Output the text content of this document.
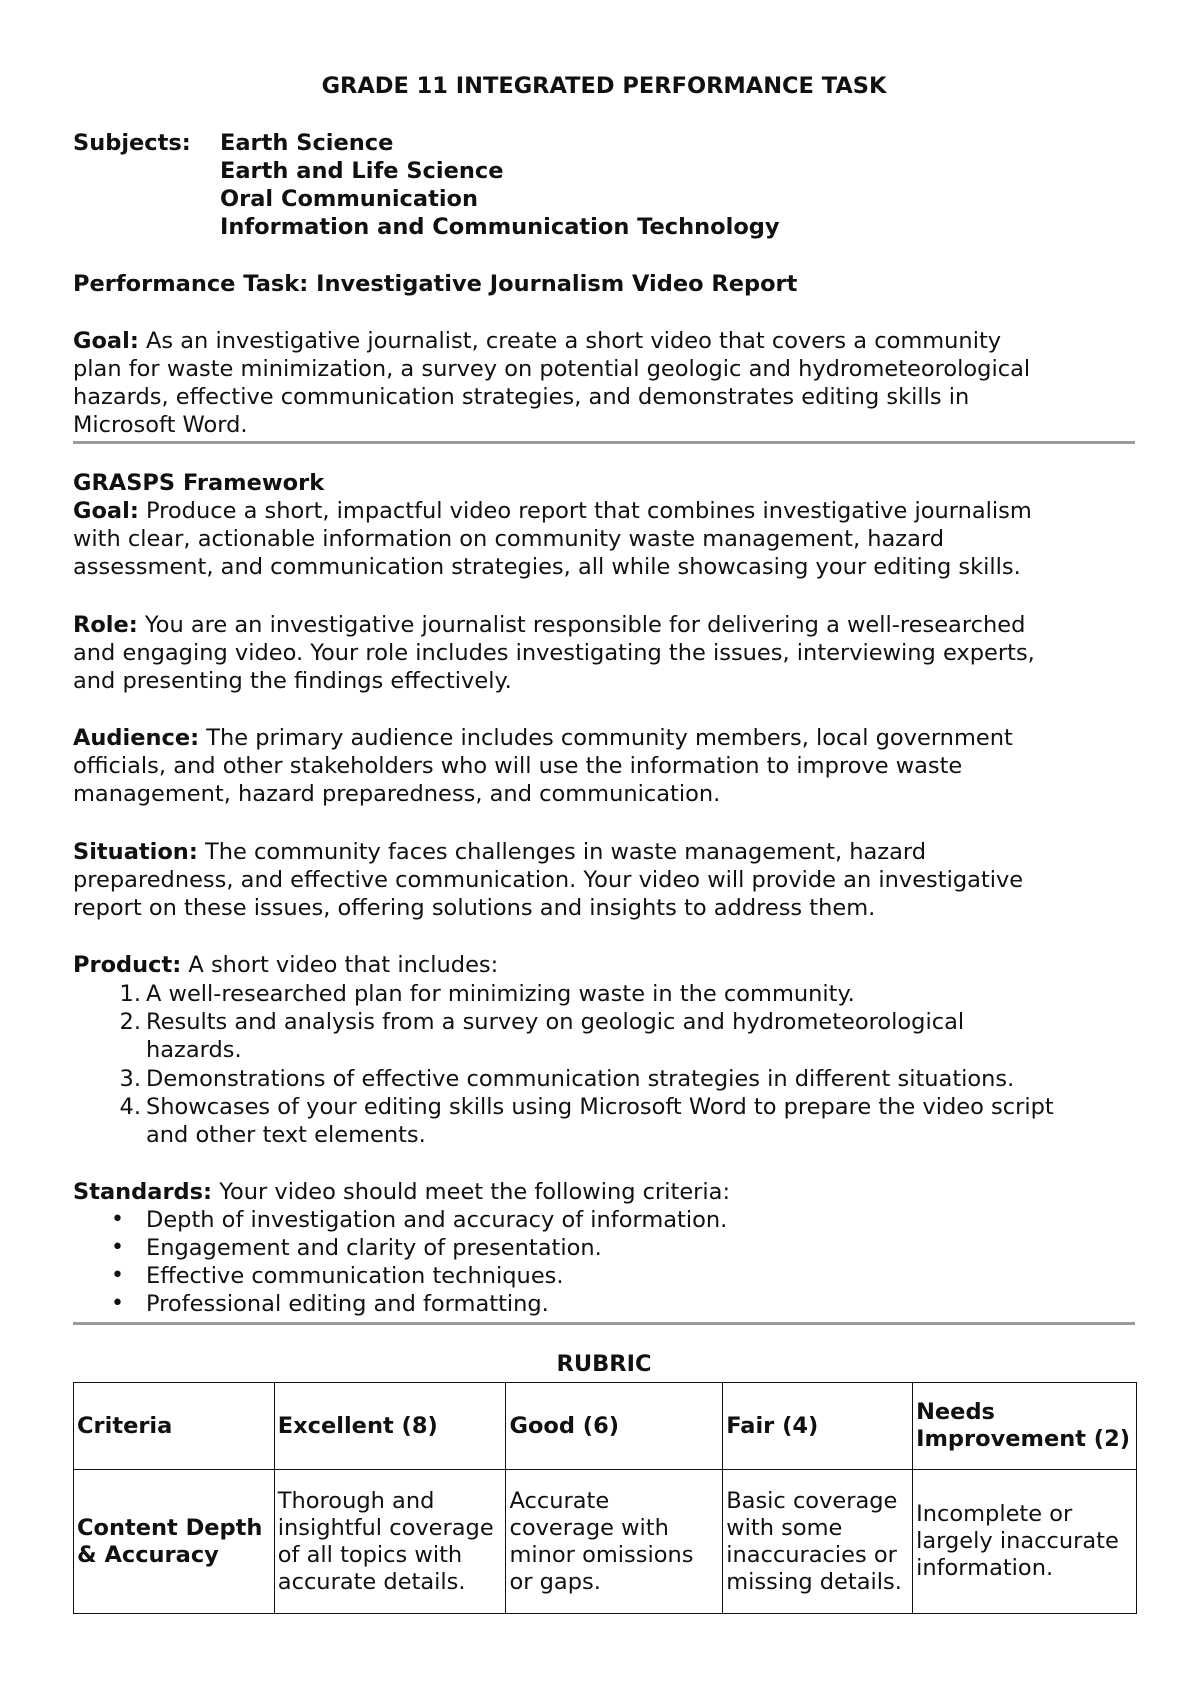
GRADE 11 INTEGRATED PERFORMANCE TASK
Subjects: Earth Science
Earth and Life Science
Oral Communication
Information and Communication Technology
Performance Task: Investigative Journalism Video Report
Goal: As an investigative journalist, create a short video that covers a community
plan for waste minimization, a survey on potential geologic and hydrometeorological
hazards, effective communication strategies, and demonstrates editing skills in
Microsoft Word.
GRASPS Framework
Goal: Produce a short, impactful video report that combines investigative journalism
with clear, actionable information on community waste management, hazard
assessment, and communication strategies, all while showcasing your editing skills.
Role: You are an investigative journalist responsible for delivering a well-researched
and engaging video. Your role includes investigating the issues, interviewing experts,
and presenting the findings effectively.
Audience: The primary audience includes community members, local government
officials, and other stakeholders who will use the information to improve waste
management, hazard preparedness, and communication.
Situation: The community faces challenges in waste management, hazard
preparedness, and effective communication. Your video will provide an investigative
report on these issues, offering solutions and insights to address them.
Product: A short video that includes:
1. A well-researched plan for minimizing waste in the community.
2. Results and analysis from a survey on geologic and hydrometeorological
hazards.
3. Demonstrations of effective communication strategies in different situations.
4. Showcases of your editing skills using Microsoft Word to prepare the video script
and other text elements.
Standards: Your video should meet the following criteria:
• Depth of investigation and accuracy of information.
• Engagement and clarity of presentation.
• Effective communication techniques.
• Professional editing and formatting.
RUBRIC
Criteria	Excellent (8)	Good (6)	Fair (4)	Needs Improvement (2)
Content Depth & Accuracy	Thorough and insightful coverage of all topics with accurate details.	Accurate coverage with minor omissions or gaps.	Basic coverage with some inaccuracies or missing details.	Incomplete or largely inaccurate information.
